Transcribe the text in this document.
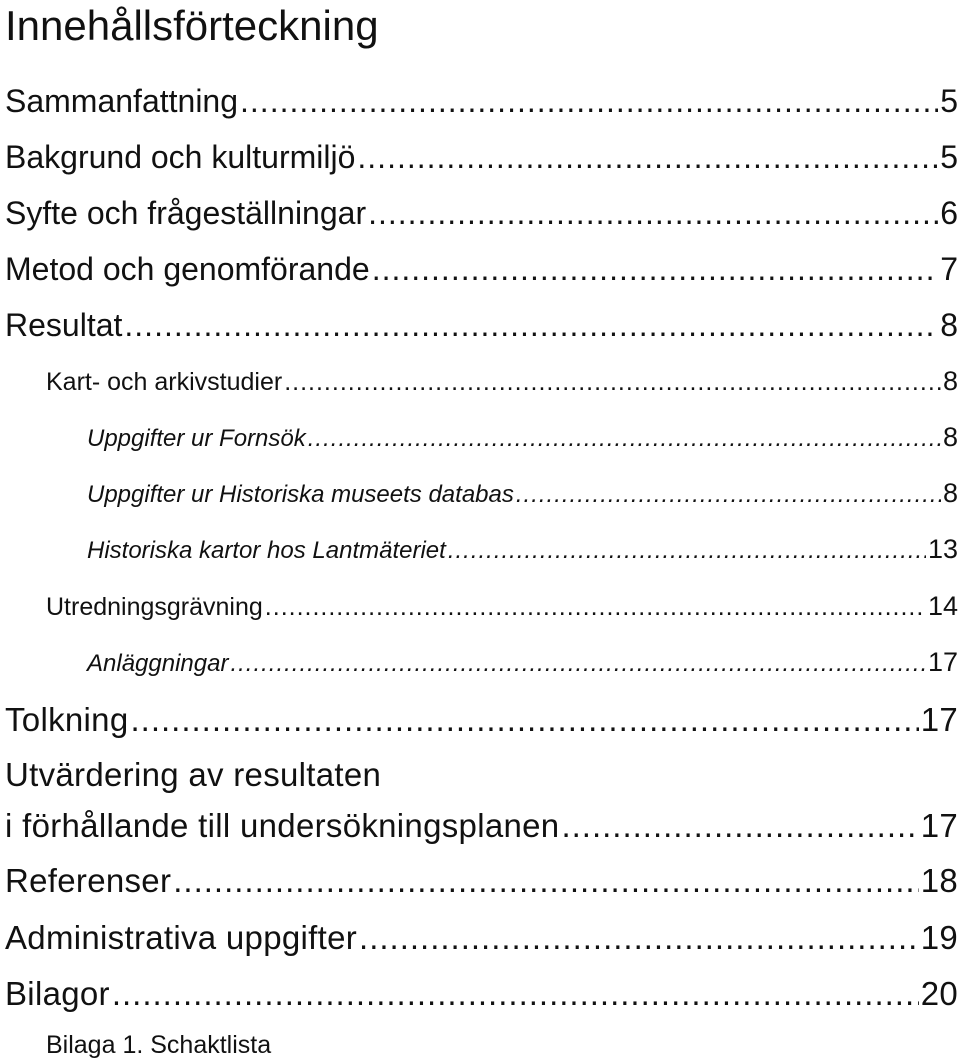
Innehållsförteckning
Sammanfattning .....	5
Bakgrund och kulturmiljö .....	5
Syfte och frågeställningar .....	6
Metod och genomförande .....	7
Resultat .....	8
Kart- och arkivstudier .....	8
Uppgifter ur Fornsök .....	8
Uppgifter ur Historiska museets databas .....	8
Historiska kartor hos Lantmäteriet .....	13
Utredningsgrävning .....	14
Anläggningar .....	17
Tolkning .....	17
Utvärdering av resultaten
i förhållande till undersökningsplanen .....	17
Referenser .....	18
Administrativa uppgifter .....	19
Bilagor .....	20
Bilaga 1. Schaktlista
